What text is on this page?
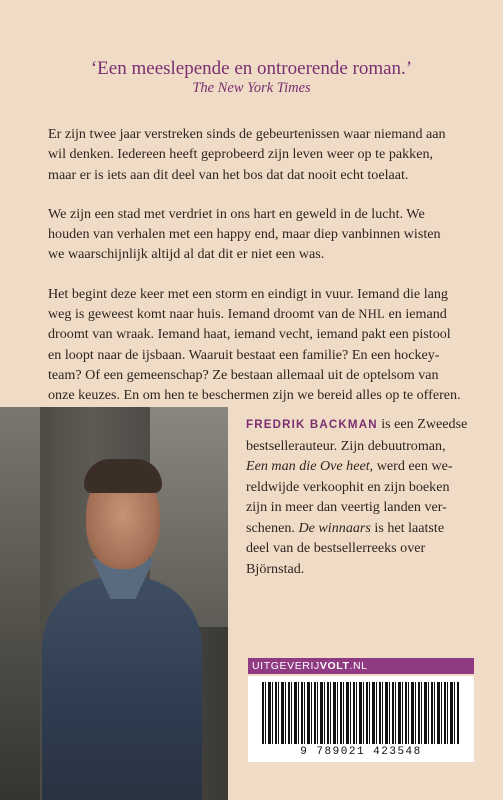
‘Een meeslepende en ontroerende roman.’
The New York Times

Er zijn twee jaar verstreken sinds de gebeurtenissen waar niemand aan
wil denken. Iedereen heeft geprobeerd zijn leven weer op te pakken,
maar er is iets aan dit deel van het bos dat dat nooit echt toelaat.

We zijn een stad met verdriet in ons hart en geweld in de lucht. We
houden van verhalen met een happy end, maar diep vanbinnen wisten
we waarschijnlijk altijd al dat dit er niet een was.

Het begint deze keer met een storm en eindigt in vuur. Iemand die lang
weg is geweest komt naar huis. Iemand droomt van de NHL en iemand
droomt van wraak. Iemand haat, iemand vecht, iemand pakt een pistool
en loopt naar de ijsbaan. Waaruit bestaat een familie? En een hockey-
team? Of een gemeenschap? Ze bestaan allemaal uit de optelsom van
onze keuzes. En om hen te beschermen zijn we bereid alles op te offeren.

FREDRIK BACKMAN is een Zweedse
bestsellerauteur. Zijn debuutroman,
Een man die Ove heet, werd een we-
reldwijde verkoophit en zijn boeken
zijn in meer dan veertig landen ver-
schenen. De winnaars is het laatste
deel van de bestsellerreeks over
Björnstad.
UITGEVERIJVOLT.NL
9 789021 423548
